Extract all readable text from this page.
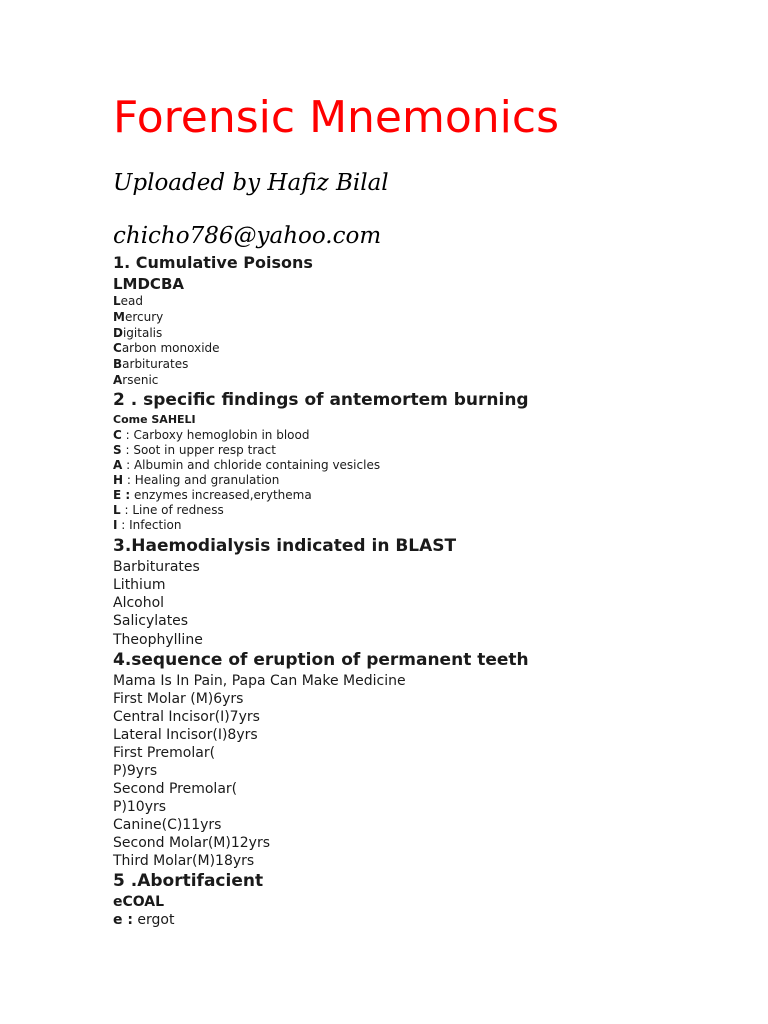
Forensic Mnemonics
Uploaded by Hafiz Bilal
chicho786@yahoo.com
1. Cumulative Poisons
LMDCBA
Lead
Mercury
Digitalis
Carbon monoxide
Barbiturates
Arsenic
2 . specific findings of antemortem burning
Come SAHELI
C : Carboxy hemoglobin in blood
S : Soot in upper resp tract
A : Albumin and chloride containing vesicles
H : Healing and granulation
E : enzymes increased,erythema
L : Line of redness
I : Infection
3.Haemodialysis indicated in BLAST
Barbiturates
Lithium
Alcohol
Salicylates
Theophylline
4.sequence of eruption of permanent teeth
Mama Is In Pain, Papa Can Make Medicine
First Molar (M)6yrs
Central Incisor(I)7yrs
Lateral Incisor(I)8yrs
First Premolar(
P)9yrs
Second Premolar(
P)10yrs
Canine(C)11yrs
Second Molar(M)12yrs
Third Molar(M)18yrs
5 .Abortifacient
eCOAL
e : ergot
